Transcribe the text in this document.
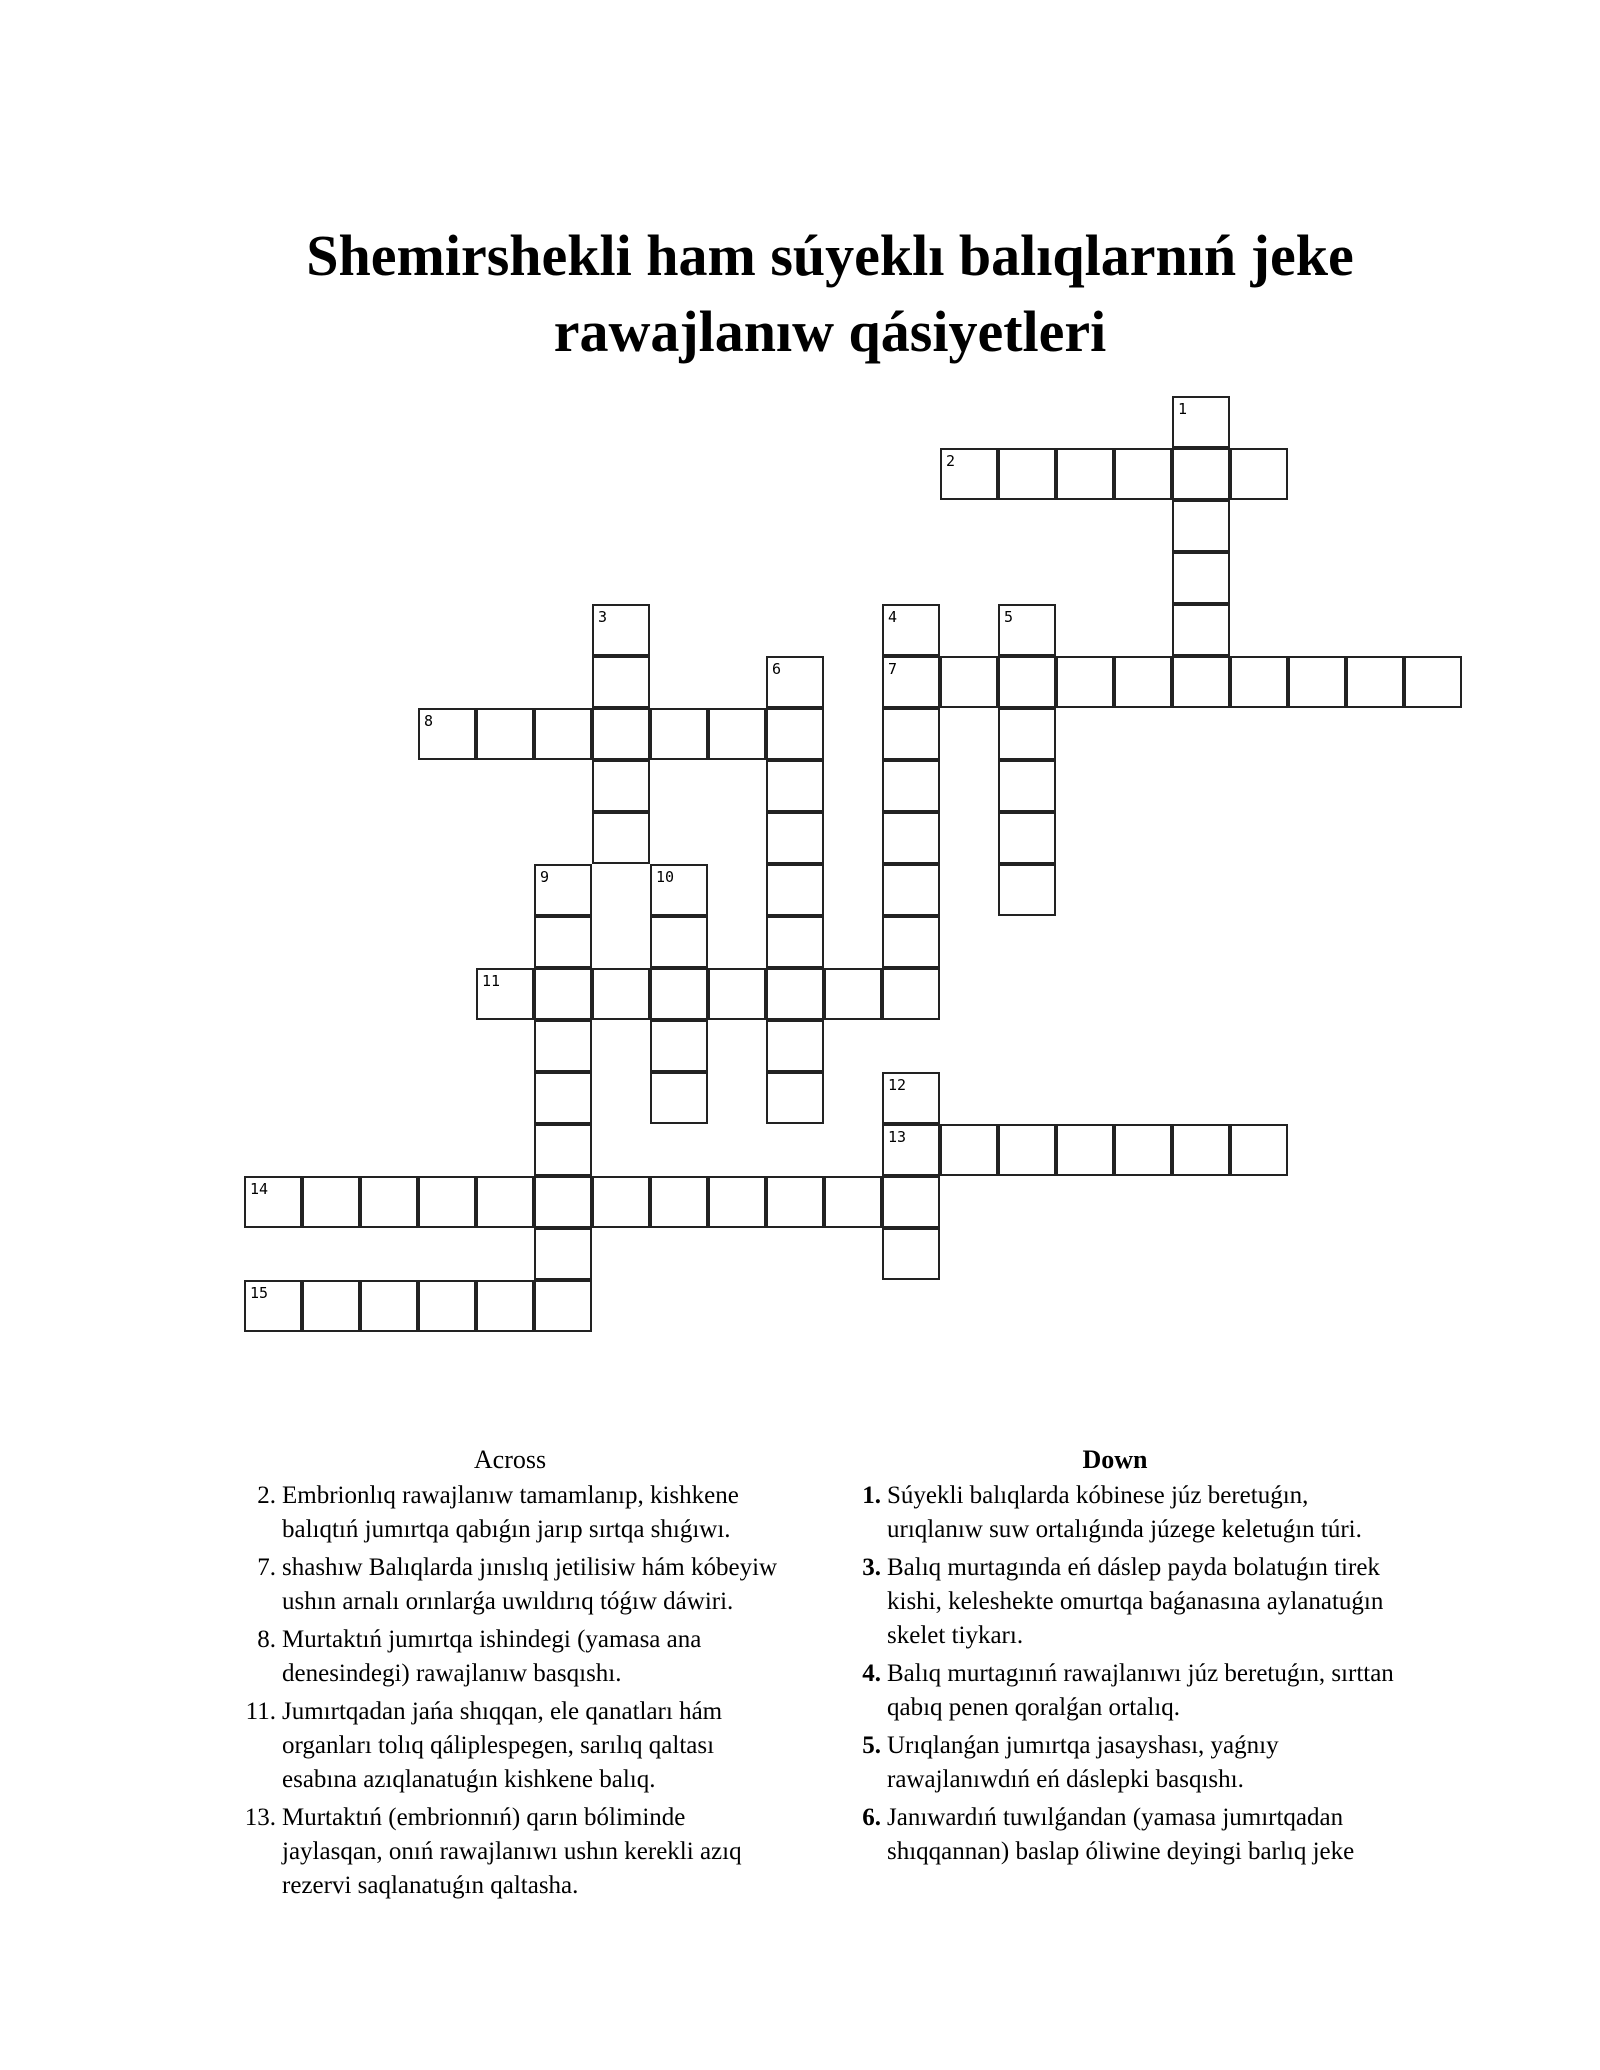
Shemirshekli ham súyeklı balıqlarnıń jeke rawajlanıw qásiyetleri
1
2
3	4
7
5
6
8
9	10
11
12
13
14
15
Across
2. Embrionlıq rawajlanıw tamamlanıp, kishkene balıqtıń jumırtqa qabıǵın jarıp sırtqa shıǵıwı.
7. shashıw Balıqlarda jınıslıq jetilisiw hám kóbeyiw ushın arnalı orınlarǵa uwıldırıq tóǵıw dáwiri.
8. Murtaktıń jumırtqa ishindegi (yamasa ana denesindegi) rawajlanıw basqıshı.
11. Jumırtqadan jańa shıqqan, ele qanatları hám organları tolıq qáliplespegen, sarılıq qaltası esabına azıqlanatuǵın kishkene balıq.
13. Murtaktıń (embrionnıń) qarın bóliminde jaylasqan, onıń rawajlanıwı ushın kerekli azıq rezervi saqlanatuǵın qaltasha.
Down
1. Súyekli balıqlarda kóbinese júz beretuǵın, urıqlanıw suw ortalıǵında júzege keletuǵın túri.
3. Balıq murtagında eń dáslep payda bolatuǵın tirek kishi, keleshekte omurtqa baǵanasına aylanatuǵın skelet tiykarı.
4. Balıq murtagınıń rawajlanıwı júz beretuǵın, sırttan qabıq penen qoralǵan ortalıq.
5. Urıqlanǵan jumırtqa jasayshası, yaǵnıy rawajlanıwdıń eń dáslepki basqıshı.
6. Janıwardıń tuwılǵandan (yamasa jumırtqadan shıqqannan) baslap óliwine deyingi barlıq jeke
